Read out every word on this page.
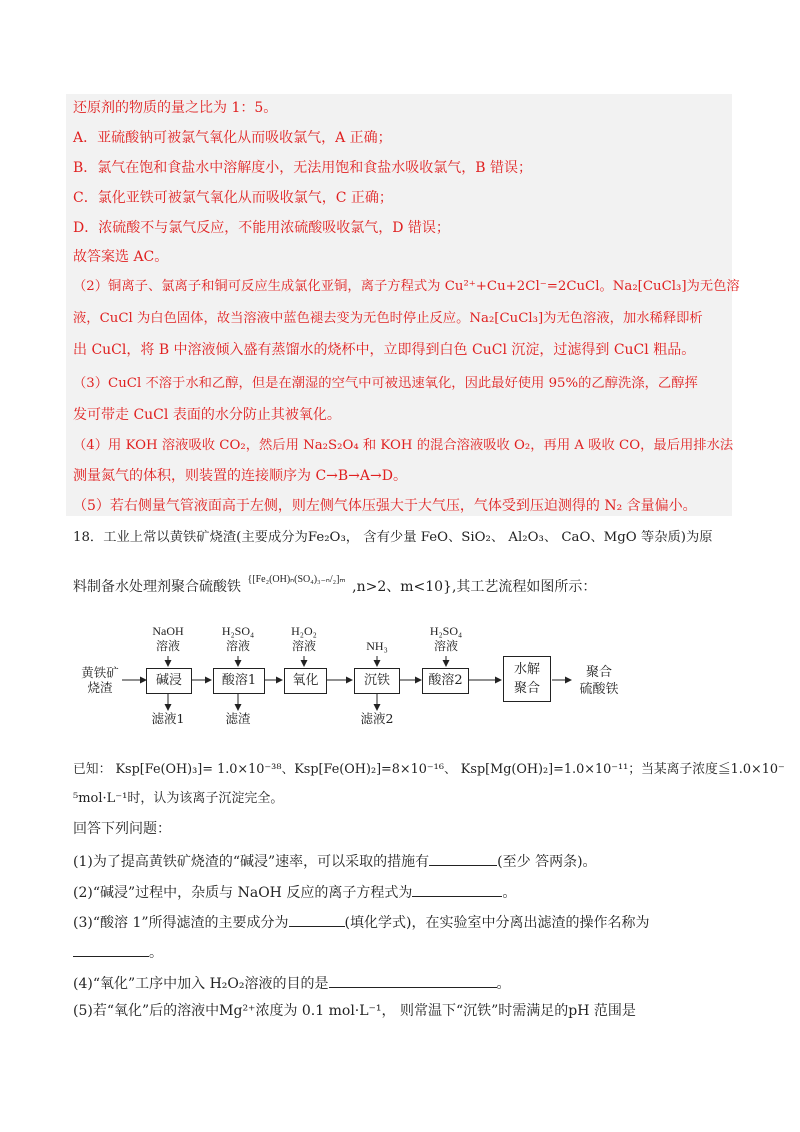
还原剂的物质的量之比为 1：5。
A．亚硫酸钠可被氯气氧化从而吸收氯气，A 正确；
B．氯气在饱和食盐水中溶解度小，无法用饱和食盐水吸收氯气，B 错误；
C．氯化亚铁可被氯气氧化从而吸收氯气，C 正确；
D．浓硫酸不与氯气反应，不能用浓硫酸吸收氯气，D 错误；
故答案选 AC。
（2）铜离子、氯离子和铜可反应生成氯化亚铜，离子方程式为 Cu²⁺+Cu+2Cl⁻=2CuCl。Na₂[CuCl₃]为无色溶
液，CuCl 为白色固体，故当溶液中蓝色褪去变为无色时停止反应。Na₂[CuCl₃]为无色溶液，加水稀释即析
出 CuCl，将 B 中溶液倾入盛有蒸馏水的烧杯中，立即得到白色 CuCl 沉淀，过滤得到 CuCl 粗品。
（3）CuCl 不溶于水和乙醇，但是在潮湿的空气中可被迅速氧化，因此最好使用 95%的乙醇洗涤，乙醇挥
发可带走 CuCl 表面的水分防止其被氧化。
（4）用 KOH 溶液吸收 CO₂，然后用 Na₂S₂O₄ 和 KOH 的混合溶液吸收 O₂，再用 A 吸收 CO，最后用排水法
测量氮气的体积，则装置的连接顺序为 C→B→A→D。
（5）若右侧量气管液面高于左侧，则左侧气体压强大于大气压，气体受到压迫测得的 N₂ 含量偏小。
18．工业上常以黄铁矿烧渣(主要成分为Fe₂O₃， 含有少量 FeO、SiO₂、 Al₂O₃、 CaO、MgO 等杂质)为原
料制备水处理剂聚合硫酸铁 $^{\{[Fe_2(OH)_n(SO_4)_{3-n}/_2]_m}$ ,n>2、m<10},其工艺流程如图所示：
黄铁矿
烧渣	碱浸	酸溶1	氧化	沉铁	酸溶2
水解
聚合
聚合
硫酸铁
NaOH
溶液
H₂SO₄
溶液
H₂O₂
溶液	NH₃
H₂SO₄
溶液
滤液1	滤渣	滤液2
已知： Ksp[Fe(OH)₃]= 1.0×10⁻³⁸、Ksp[Fe(OH)₂]=8×10⁻¹⁶、 Ksp[Mg(OH)₂]=1.0×10⁻¹¹；当某离子浓度≦1.0×10⁻
⁵mol·L⁻¹时，认为该离子沉淀完全。
回答下列问题：
(1)为了提高黄铁矿烧渣的“碱浸”速率，可以采取的措施有	(至少 答两条)。
(2)“碱浸”过程中，杂质与 NaOH 反应的离子方程式为	。
(3)“酸溶 1”所得滤渣的主要成分为	(填化学式)，在实验室中分离出滤渣的操作名称为
。
(4)“氧化”工序中加入 H₂O₂溶液的目的是	。
(5)若“氧化”后的溶液中Mg²⁺浓度为 0.1 mol·L⁻¹， 则常温下“沉铁”时需满足的pH 范围是
